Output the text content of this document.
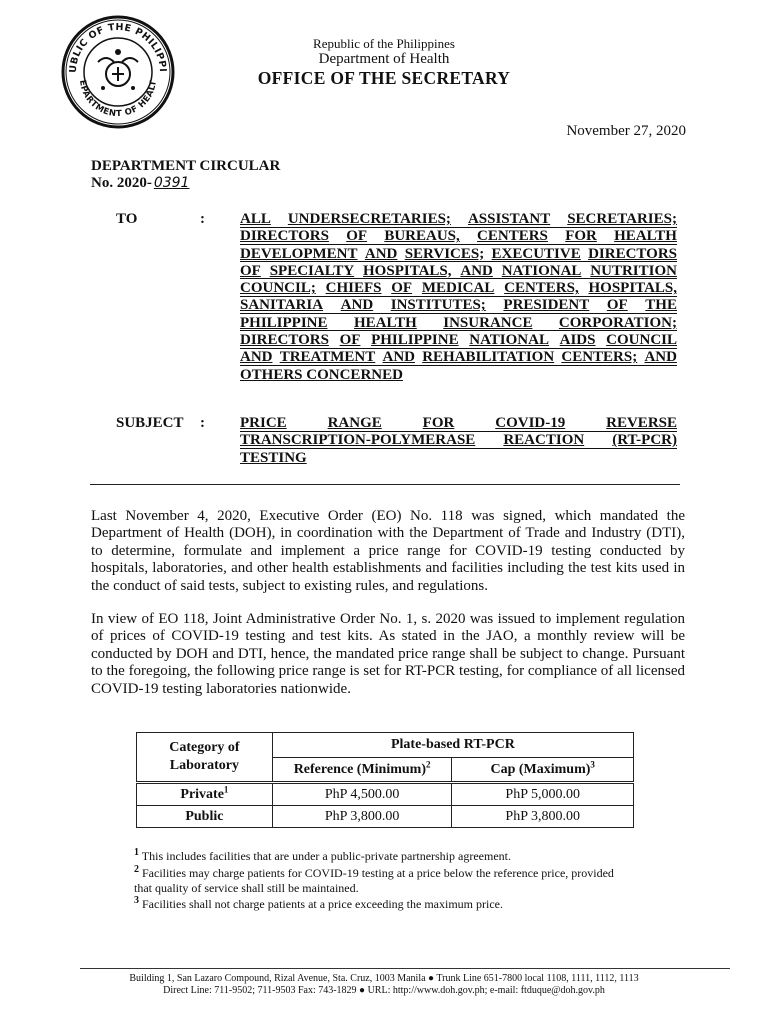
UBLIC OF THE PHILIPPI
EPARTMENT OF HEALT
Republic of the Philippines
Department of Health
OFFICE OF THE SECRETARY
November 27, 2020
DEPARTMENT CIRCULAR
No. 2020- 0391
TO	: ALL UNDERSECRETARIES; ASSISTANT SECRETARIES;
DIRECTORS OF BUREAUS, CENTERS FOR HEALTH
DEVELOPMENT AND SERVICES; EXECUTIVE DIRECTORS
OF SPECIALTY HOSPITALS, AND NATIONAL NUTRITION
COUNCIL; CHIEFS OF MEDICAL CENTERS, HOSPITALS,
SANITARIA AND INSTITUTES; PRESIDENT OF THE
PHILIPPINE HEALTH INSURANCE CORPORATION;
DIRECTORS OF PHILIPPINE NATIONAL AIDS COUNCIL
AND TREATMENT AND REHABILITATION CENTERS; AND
OTHERS CONCERNED
SUBJECT : PRICE	RANGE	FOR	COVID-19	REVERSE
TRANSCRIPTION-POLYMERASE REACTION (RT-PCR)
TESTING
Last November 4, 2020, Executive Order (EO) No. 118 was signed, which mandated the Department of Health (DOH), in coordination with the Department of Trade and Industry (DTI), to determine, formulate and implement a price range for COVID-19 testing conducted by hospitals, laboratories, and other health establishments and facilities including the test kits used in the conduct of said tests, subject to existing rules, and regulations.
In view of EO 118, Joint Administrative Order No. 1, s. 2020 was issued to implement regulation of prices of COVID-19 testing and test kits. As stated in the JAO, a monthly review will be conducted by DOH and DTI, hence, the mandated price range shall be subject to change. Pursuant to the foregoing, the following price range is set for RT-PCR testing, for compliance of all licensed COVID-19 testing laboratories nationwide.
Category of Laboratory	Plate-based RT-PCR	
	Reference (Minimum)$^2$	Cap (Maximum)$^3$
Private$^1$	PhP 4,500.00	PhP 5,000.00
Public	PhP 3,800.00	PhP 3,800.00
$^1$ This includes facilities that are under a public-private partnership agreement.
$^2$ Facilities may charge patients for COVID-19 testing at a price below the reference price, provided that quality of service shall still be maintained.
$^3$ Facilities shall not charge patients at a price exceeding the maximum price.
Building 1, San Lazaro Compound, Rizal Avenue, Sta. Cruz, 1003 Manila ● Trunk Line 651-7800 local 1108, 1111, 1112, 1113
Direct Line: 711-9502; 711-9503 Fax: 743-1829 ● URL: http://www.doh.gov.ph; e-mail: ftduque@doh.gov.ph
